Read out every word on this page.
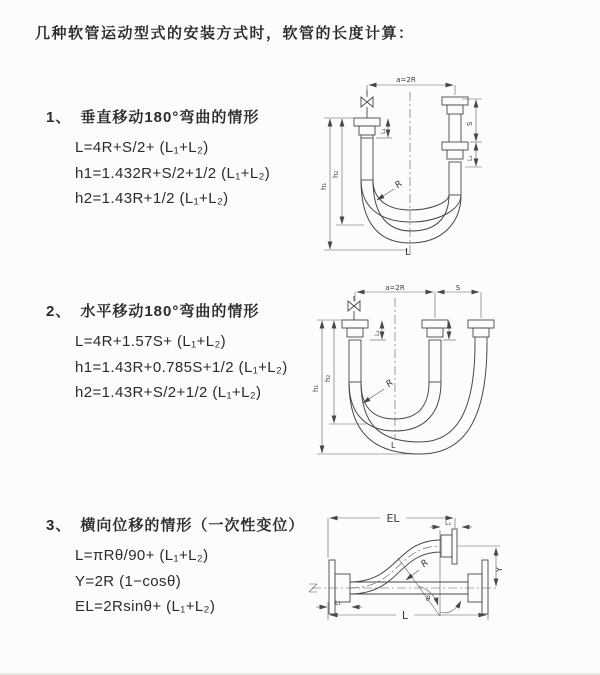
几种软管运动型式的安装方式时，软管的长度计算：
1、 垂直移动180°弯曲的情形
L=4R+S/2+ (L₁+L₂)
h1=1.432R+S/2+1/2 (L₁+L₂)
h2=1.43R+1/2 (L₁+L₂)
2、 水平移动180°弯曲的情形
L=4R+1.57S+ (L₁+L₂)
h1=1.43R+0.785S+1/2 (L₁+L₂)
h2=1.43R+S/2+1/2 (L₁+L₂)
3、 横向位移的情形（一次性变位）
L=πRθ/90+ (L₁+L₂)
Y=2R (1−cosθ)
EL=2Rsinθ+ (L₁+L₂)
a=2R
h₁
h₂
L₁
S
L₁
R
L
a=2R	S
h₁
h₂
L₁
R
L
EL	L₂
Y
θ
R
L₁
L
